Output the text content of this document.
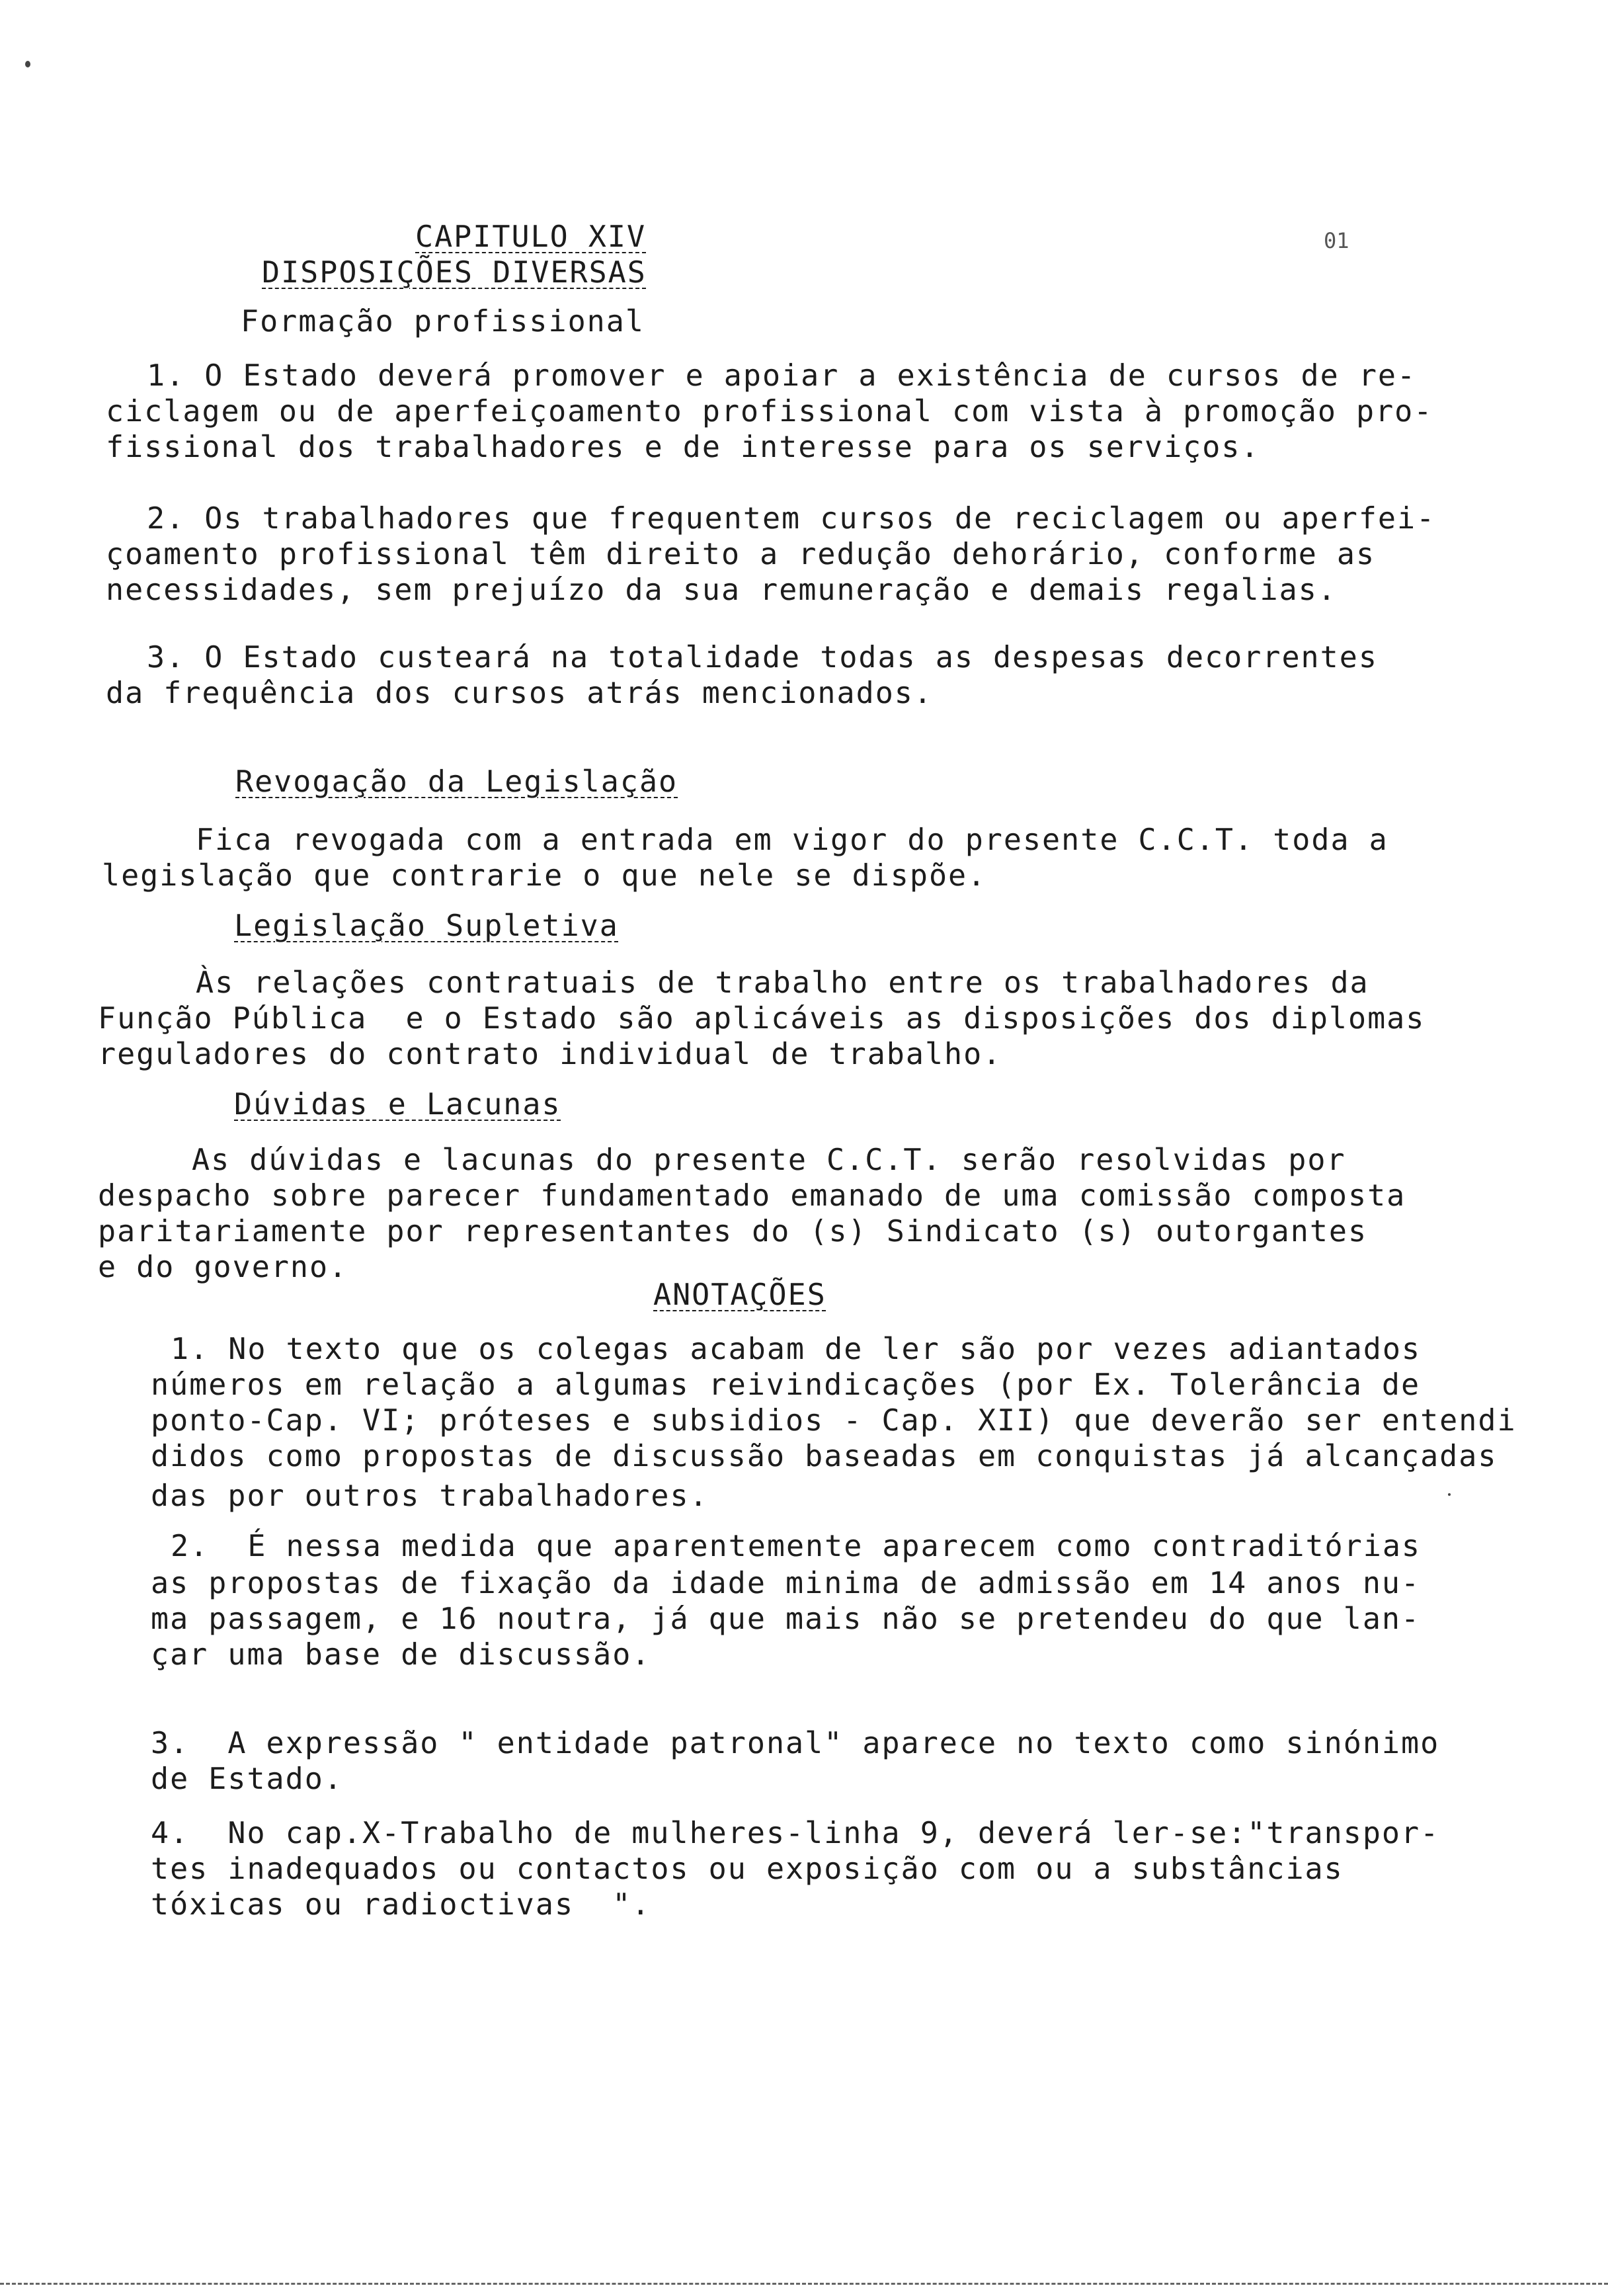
01
CAPITULO XIV
DISPOSIÇÕES DIVERSAS
Formação profissional
1. O Estado deverá promover e apoiar a existência de cursos de re-
ciclagem ou de aperfeiçoamento profissional com vista à promoção pro-
fissional dos trabalhadores e de interesse para os serviços.
2. Os trabalhadores que frequentem cursos de reciclagem ou aperfei-
çoamento profissional têm direito a redução dehorário, conforme as
necessidades, sem prejuízo da sua remuneração e demais regalias.
3. O Estado custeará na totalidade todas as despesas decorrentes
da frequência dos cursos atrás mencionados.
Revogação da Legislação
Fica revogada com a entrada em vigor do presente C.C.T. toda a
legislação que contrarie o que nele se dispõe.
Legislação Supletiva
Às relações contratuais de trabalho entre os trabalhadores da
Função Pública  e o Estado são aplicáveis as disposições dos diplomas
reguladores do contrato individual de trabalho.
Dúvidas e Lacunas
As dúvidas e lacunas do presente C.C.T. serão resolvidas por
despacho sobre parecer fundamentado emanado de uma comissão composta
paritariamente por representantes do (s) Sindicato (s) outorgantes
e do governo.
ANOTAÇÕES
1. No texto que os colegas acabam de ler são por vezes adiantados
números em relação a algumas reivindicações (por Ex. Tolerância de
ponto-Cap. VI; próteses e subsidios - Cap. XII) que deverão ser entendi
didos como propostas de discussão baseadas em conquistas já alcançadas
das por outros trabalhadores.
2.  É nessa medida que aparentemente aparecem como contraditórias
as propostas de fixação da idade minima de admissão em 14 anos nu-
ma passagem, e 16 noutra, já que mais não se pretendeu do que lan-
çar uma base de discussão.
3.  A expressão " entidade patronal" aparece no texto como sinónimo
de Estado.
4.  No cap.X-Trabalho de mulheres-linha 9, deverá ler-se:"transpor-
tes inadequados ou contactos ou exposição com ou a substâncias
tóxicas ou radioctivas  ".
